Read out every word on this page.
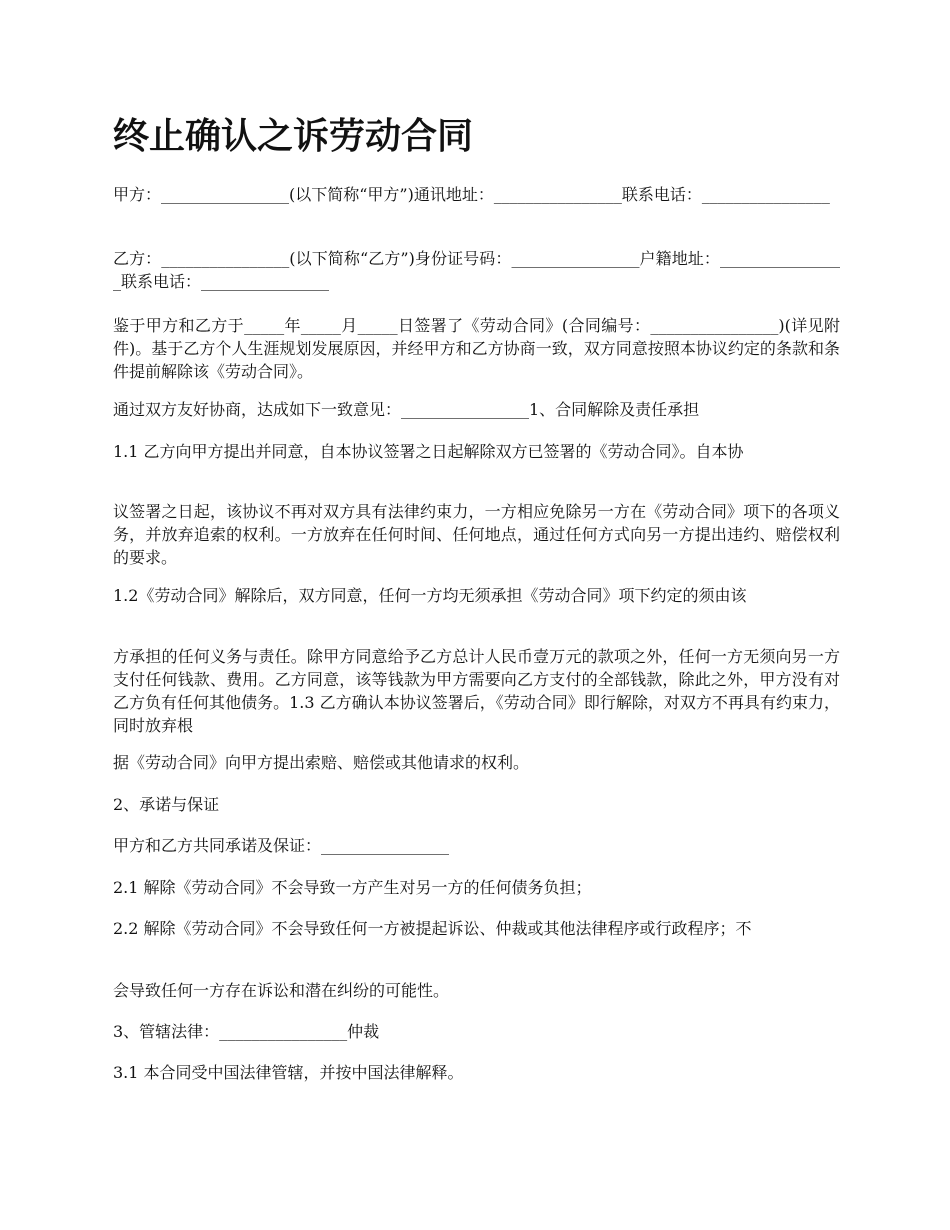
终止确认之诉劳动合同

甲方：________________(以下简称“甲方”)通讯地址：________________联系电话：________________

乙方：________________(以下简称“乙方”)身份证号码：________________户籍地址：________________联系电话：________________

鉴于甲方和乙方于_____年_____月_____日签署了《劳动合同》(合同编号：________________)(详见附件)。基于乙方个人生涯规划发展原因，并经甲方和乙方协商一致，双方同意按照本协议约定的条款和条件提前解除该《劳动合同》。

通过双方友好协商，达成如下一致意见：________________1、合同解除及责任承担

1.1 乙方向甲方提出并同意，自本协议签署之日起解除双方已签署的《劳动合同》。自本协

议签署之日起，该协议不再对双方具有法律约束力，一方相应免除另一方在《劳动合同》项下的各项义务，并放弃追索的权利。一方放弃在任何时间、任何地点，通过任何方式向另一方提出违约、赔偿权利的要求。

1.2《劳动合同》解除后，双方同意，任何一方均无须承担《劳动合同》项下约定的须由该

方承担的任何义务与责任。除甲方同意给予乙方总计人民币壹万元的款项之外，任何一方无须向另一方支付任何钱款、费用。乙方同意，该等钱款为甲方需要向乙方支付的全部钱款，除此之外，甲方没有对乙方负有任何其他债务。1.3 乙方确认本协议签署后，《劳动合同》即行解除，对双方不再具有约束力，同时放弃根

据《劳动合同》向甲方提出索赔、赔偿或其他请求的权利。

2、承诺与保证

甲方和乙方共同承诺及保证：________________

2.1 解除《劳动合同》不会导致一方产生对另一方的任何债务负担；

2.2 解除《劳动合同》不会导致任何一方被提起诉讼、仲裁或其他法律程序或行政程序；不

会导致任何一方存在诉讼和潜在纠纷的可能性。

3、管辖法律：________________仲裁

3.1 本合同受中国法律管辖，并按中国法律解释。
